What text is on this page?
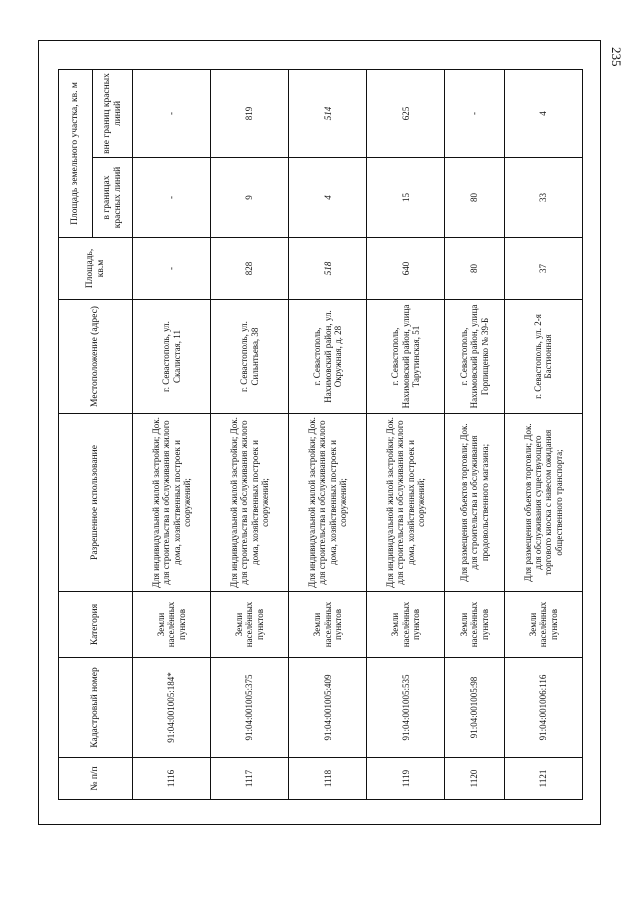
235
№ п/п	Кадастровый номер	Категория	Разрешенное использование	Местоположение (адрес)	Площадь, кв.м	Площадь земельного участка, кв. м	
						в границах красных линий	вне границ красных линий
1116	91:04:001005:184*	Земли населённых пунктов	Для индивидуальной жилой застройки; Док. для строительства и обслуживания жилого дома, хозяйственных построек и сооружений;	г. Севастополь, ул. Скалистая, 11	-	-	-
1117	91:04:001005:375	Земли населённых пунктов	Для индивидуальной жилой застройки; Док. для строительства и обслуживания жилого дома, хозяйственных построек и сооружений;	г. Севастополь, ул. Сильнтьева, 38	828	9	819
1118	91:04:001005:409	Земли населённых пунктов	Для индивидуальной жилой застройки; Док. для строительства и обслуживания жилого дома, хозяйственных построек и сооружений;	г. Севастополь, Нахимовский район, ул. Окружная, д. 28	518	4	514
1119	91:04:001005:535	Земли населённых пунктов	Для индивидуальной жилой застройки; Док. для строительства и обслуживания жилого дома, хозяйственных построек и сооружений;	г. Севастополь, Нахимовский район, улица Тарутинская, 51	640	15	625
1120	91:04:001005:98	Земли населённых пунктов	Для размещения объектов торговли; Док. для строительства и обслуживания продовольственного магазина;	г. Севастополь, Нахимовский район, улица Горпищенко № 39-Б	80	80	-
1121	91:04:001006:116	Земли населённых пунктов	Для размещения объектов торговли; Док. для обслуживания существующего торгового киоска с навесом ожидания общественного транспорта;	г. Севастополь, ул. 2-я Бастионная	37	33	4
